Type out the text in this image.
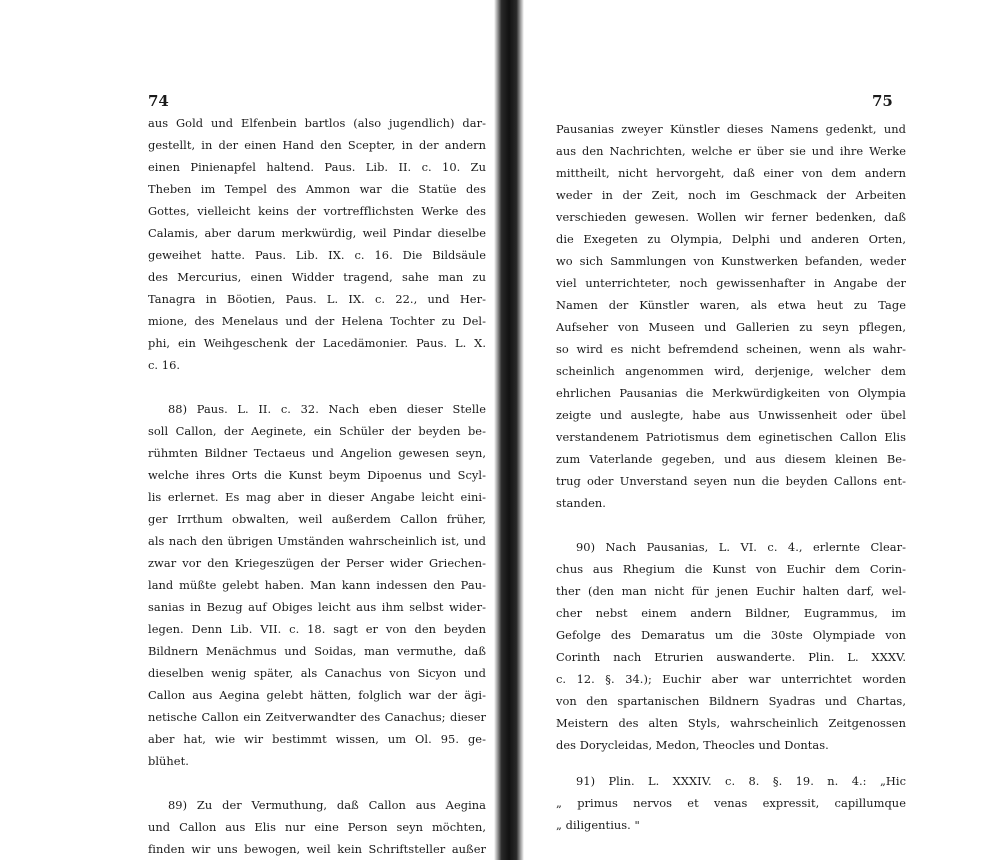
74
aus Gold und Elfenbein bartlos (also jugendlich) dar-
gestellt, in der einen Hand den Scepter, in der andern
einen Pinienapfel haltend. Paus. Lib. II. c. 10. Zu
Theben im Tempel des Ammon war die Statüe des
Gottes, vielleicht keins der vortrefflichsten Werke des
Calamis, aber darum merkwürdig, weil Pindar dieselbe
geweihet hatte. Paus. Lib. IX. c. 16. Die Bildsäule
des Mercurius, einen Widder tragend, sahe man zu
Tanagra in Böotien, Paus. L. IX. c. 22., und Her-
mione, des Menelaus und der Helena Tochter zu Del-
phi, ein Weihgeschenk der Lacedämonier. Paus. L. X.
c. 16.
88) Paus. L. II. c. 32. Nach eben dieser Stelle
soll Callon, der Aeginete, ein Schüler der beyden be-
rühmten Bildner Tectaeus und Angelion gewesen seyn,
welche ihres Orts die Kunst beym Dipoenus und Scyl-
lis erlernet. Es mag aber in dieser Angabe leicht eini-
ger Irrthum obwalten, weil außerdem Callon früher,
als nach den übrigen Umständen wahrscheinlich ist, und
zwar vor den Kriegeszügen der Perser wider Griechen-
land müßte gelebt haben. Man kann indessen den Pau-
sanias in Bezug auf Obiges leicht aus ihm selbst wider-
legen. Denn Lib. VII. c. 18. sagt er von den beyden
Bildnern Menächmus und Soidas, man vermuthe, daß
dieselben wenig später, als Canachus von Sicyon und
Callon aus Aegina gelebt hätten, folglich war der ägi-
netische Callon ein Zeitverwandter des Canachus; dieser
aber hat, wie wir bestimmt wissen, um Ol. 95. ge-
blühet.
89) Zu der Vermuthung, daß Callon aus Aegina
und Callon aus Elis nur eine Person seyn möchten,
finden wir uns bewogen, weil kein Schriftsteller außer
75
Pausanias zweyer Künstler dieses Namens gedenkt, und
aus den Nachrichten, welche er über sie und ihre Werke
mittheilt, nicht hervorgeht, daß einer von dem andern
weder in der Zeit, noch im Geschmack der Arbeiten
verschieden gewesen. Wollen wir ferner bedenken, daß
die Exegeten zu Olympia, Delphi und anderen Orten,
wo sich Sammlungen von Kunstwerken befanden, weder
viel unterrichteter, noch gewissenhafter in Angabe der
Namen der Künstler waren, als etwa heut zu Tage
Aufseher von Museen und Gallerien zu seyn pflegen,
so wird es nicht befremdend scheinen, wenn als wahr-
scheinlich angenommen wird, derjenige, welcher dem
ehrlichen Pausanias die Merkwürdigkeiten von Olympia
zeigte und auslegte, habe aus Unwissenheit oder übel
verstandenem Patriotismus dem eginetischen Callon Elis
zum Vaterlande gegeben, und aus diesem kleinen Be-
trug oder Unverstand seyen nun die beyden Callons ent-
standen.
90) Nach Pausanias, L. VI. c. 4., erlernte Clear-
chus aus Rhegium die Kunst von Euchir dem Corin-
ther (den man nicht für jenen Euchir halten darf, wel-
cher nebst einem andern Bildner, Eugrammus, im
Gefolge des Demaratus um die 30ste Olympiade von
Corinth nach Etrurien auswanderte. Plin. L. XXXV.
c. 12. §. 34.); Euchir aber war unterrichtet worden
von den spartanischen Bildnern Syadras und Chartas,
Meistern des alten Styls, wahrscheinlich Zeitgenossen
des Dorycleidas, Medon, Theocles und Dontas.
91) Plin. L. XXXIV. c. 8. §. 19. n. 4.: „Hic
„ primus nervos et venas expressit, capillumque
„ diligentius. "
